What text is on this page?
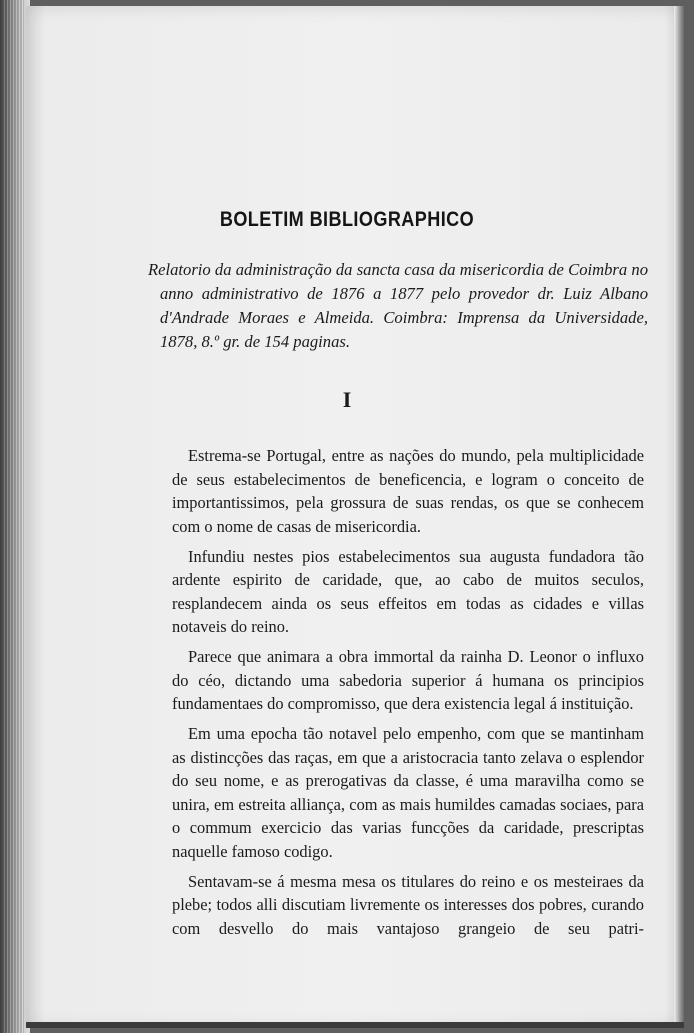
BOLETIM BIBLIOGRAPHICO
Relatorio da administração da sancta casa da misericordia de Coimbra no anno administrativo de 1876 a 1877 pelo provedor dr. Luiz Albano d'Andrade Moraes e Almeida. Coimbra: Imprensa da Universidade, 1878, 8.º gr. de 154 paginas.
I

Estrema-se Portugal, entre as nações do mundo, pela multiplicidade de seus estabelecimentos de beneficencia, e logram o conceito de importantissimos, pela grossura de suas rendas, os que se conhecem com o nome de casas de misericordia.

Infundiu nestes pios estabelecimentos sua augusta fundadora tão ardente espirito de caridade, que, ao cabo de muitos seculos, resplandecem ainda os seus effeitos em todas as cidades e villas notaveis do reino.

Parece que animara a obra immortal da rainha D. Leonor o influxo do céo, dictando uma sabedoria superior á humana os principios fundamentaes do compromisso, que dera existencia legal á instituição.

Em uma epocha tão notavel pelo empenho, com que se mantinham as distincções das raças, em que a aristocracia tanto zelava o esplendor do seu nome, e as prerogativas da classe, é uma maravilha como se unira, em estreita alliança, com as mais humildes camadas sociaes, para o commum exercicio das varias funcções da caridade, prescriptas naquelle famoso codigo.

Sentavam-se á mesma mesa os titulares do reino e os mesteiraes da plebe; todos alli discutiam livremente os interesses dos pobres, curando com desvello do mais vantajoso grangeio de seu patri-
